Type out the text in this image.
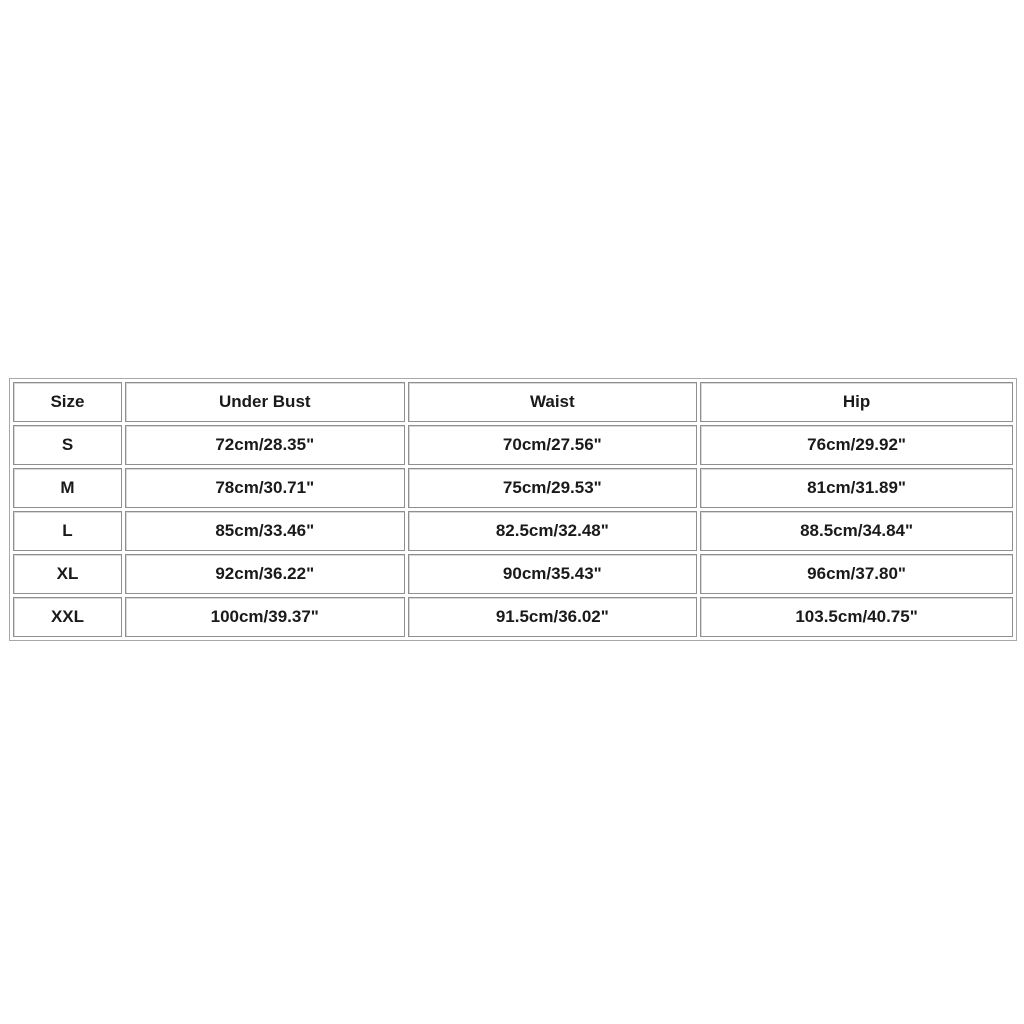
Size	Under Bust	Waist	Hip
S	72cm/28.35"	70cm/27.56"	76cm/29.92"
M	78cm/30.71"	75cm/29.53"	81cm/31.89"
L	85cm/33.46"	82.5cm/32.48"	88.5cm/34.84"
XL	92cm/36.22"	90cm/35.43"	96cm/37.80"
XXL	100cm/39.37"	91.5cm/36.02"	103.5cm/40.75"
